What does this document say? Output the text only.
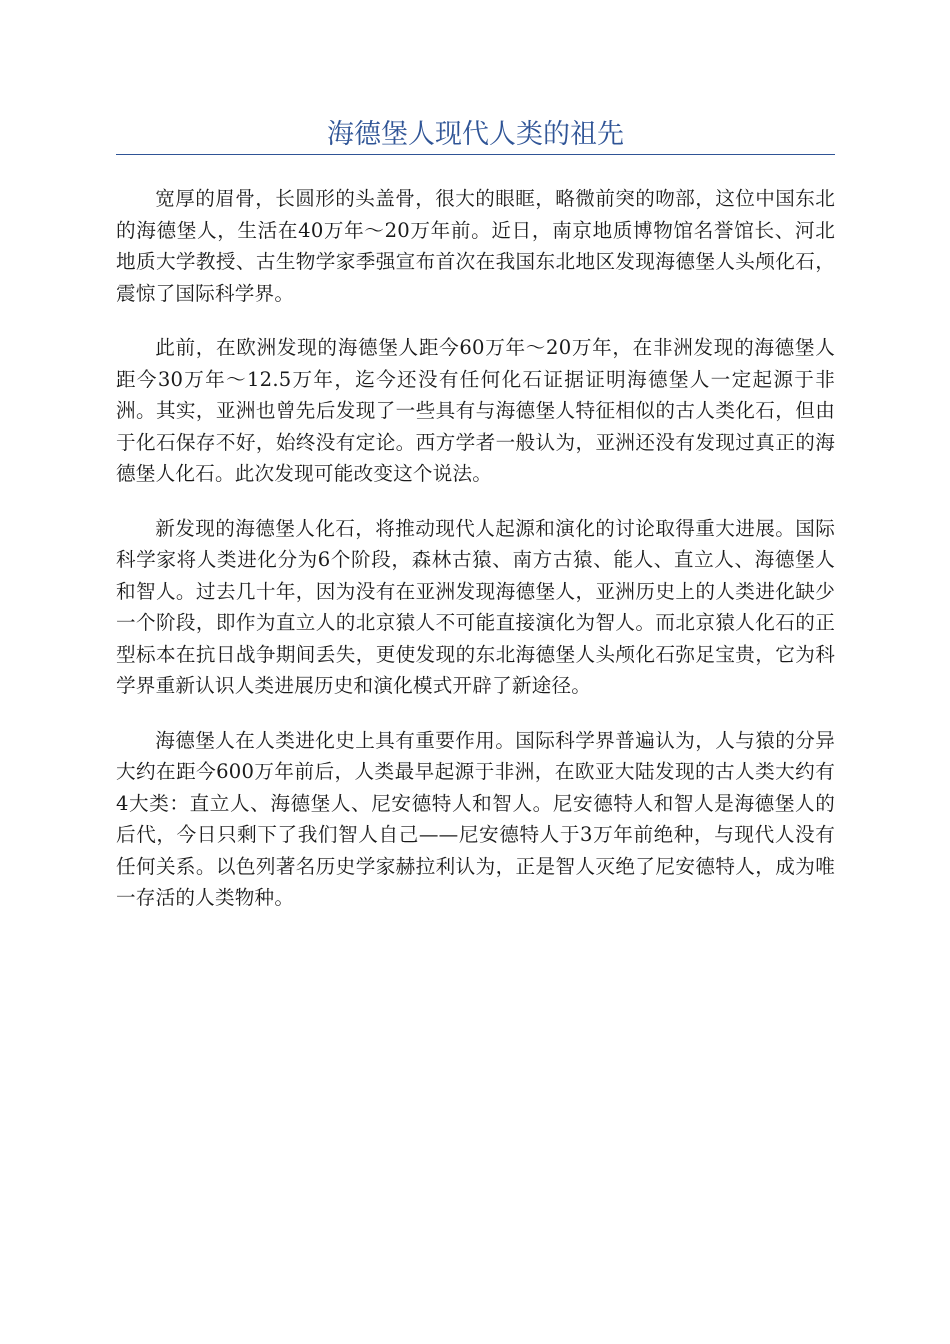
海德堡人现代人类的祖先

宽厚的眉骨，长圆形的头盖骨，很大的眼眶，略微前突的吻部，这位中国东北的海德堡人，生活在40万年～20万年前。近日，南京地质博物馆名誉馆长、河北地质大学教授、古生物学家季强宣布首次在我国东北地区发现海德堡人头颅化石，震惊了国际科学界。

此前，在欧洲发现的海德堡人距今60万年～20万年，在非洲发现的海德堡人距今30万年～12.5万年，迄今还没有任何化石证据证明海德堡人一定起源于非洲。其实，亚洲也曾先后发现了一些具有与海德堡人特征相似的古人类化石，但由于化石保存不好，始终没有定论。西方学者一般认为，亚洲还没有发现过真正的海德堡人化石。此次发现可能改变这个说法。

新发现的海德堡人化石，将推动现代人起源和演化的讨论取得重大进展。国际科学家将人类进化分为6个阶段，森林古猿、南方古猿、能人、直立人、海德堡人和智人。过去几十年，因为没有在亚洲发现海德堡人，亚洲历史上的人类进化缺少一个阶段，即作为直立人的北京猿人不可能直接演化为智人。而北京猿人化石的正型标本在抗日战争期间丢失，更使发现的东北海德堡人头颅化石弥足宝贵，它为科学界重新认识人类进展历史和演化模式开辟了新途径。

海德堡人在人类进化史上具有重要作用。国际科学界普遍认为，人与猿的分异大约在距今600万年前后，人类最早起源于非洲，在欧亚大陆发现的古人类大约有4大类：直立人、海德堡人、尼安德特人和智人。尼安德特人和智人是海德堡人的后代，今日只剩下了我们智人自己——尼安德特人于3万年前绝种，与现代人没有任何关系。以色列著名历史学家赫拉利认为，正是智人灭绝了尼安德特人，成为唯一存活的人类物种。
